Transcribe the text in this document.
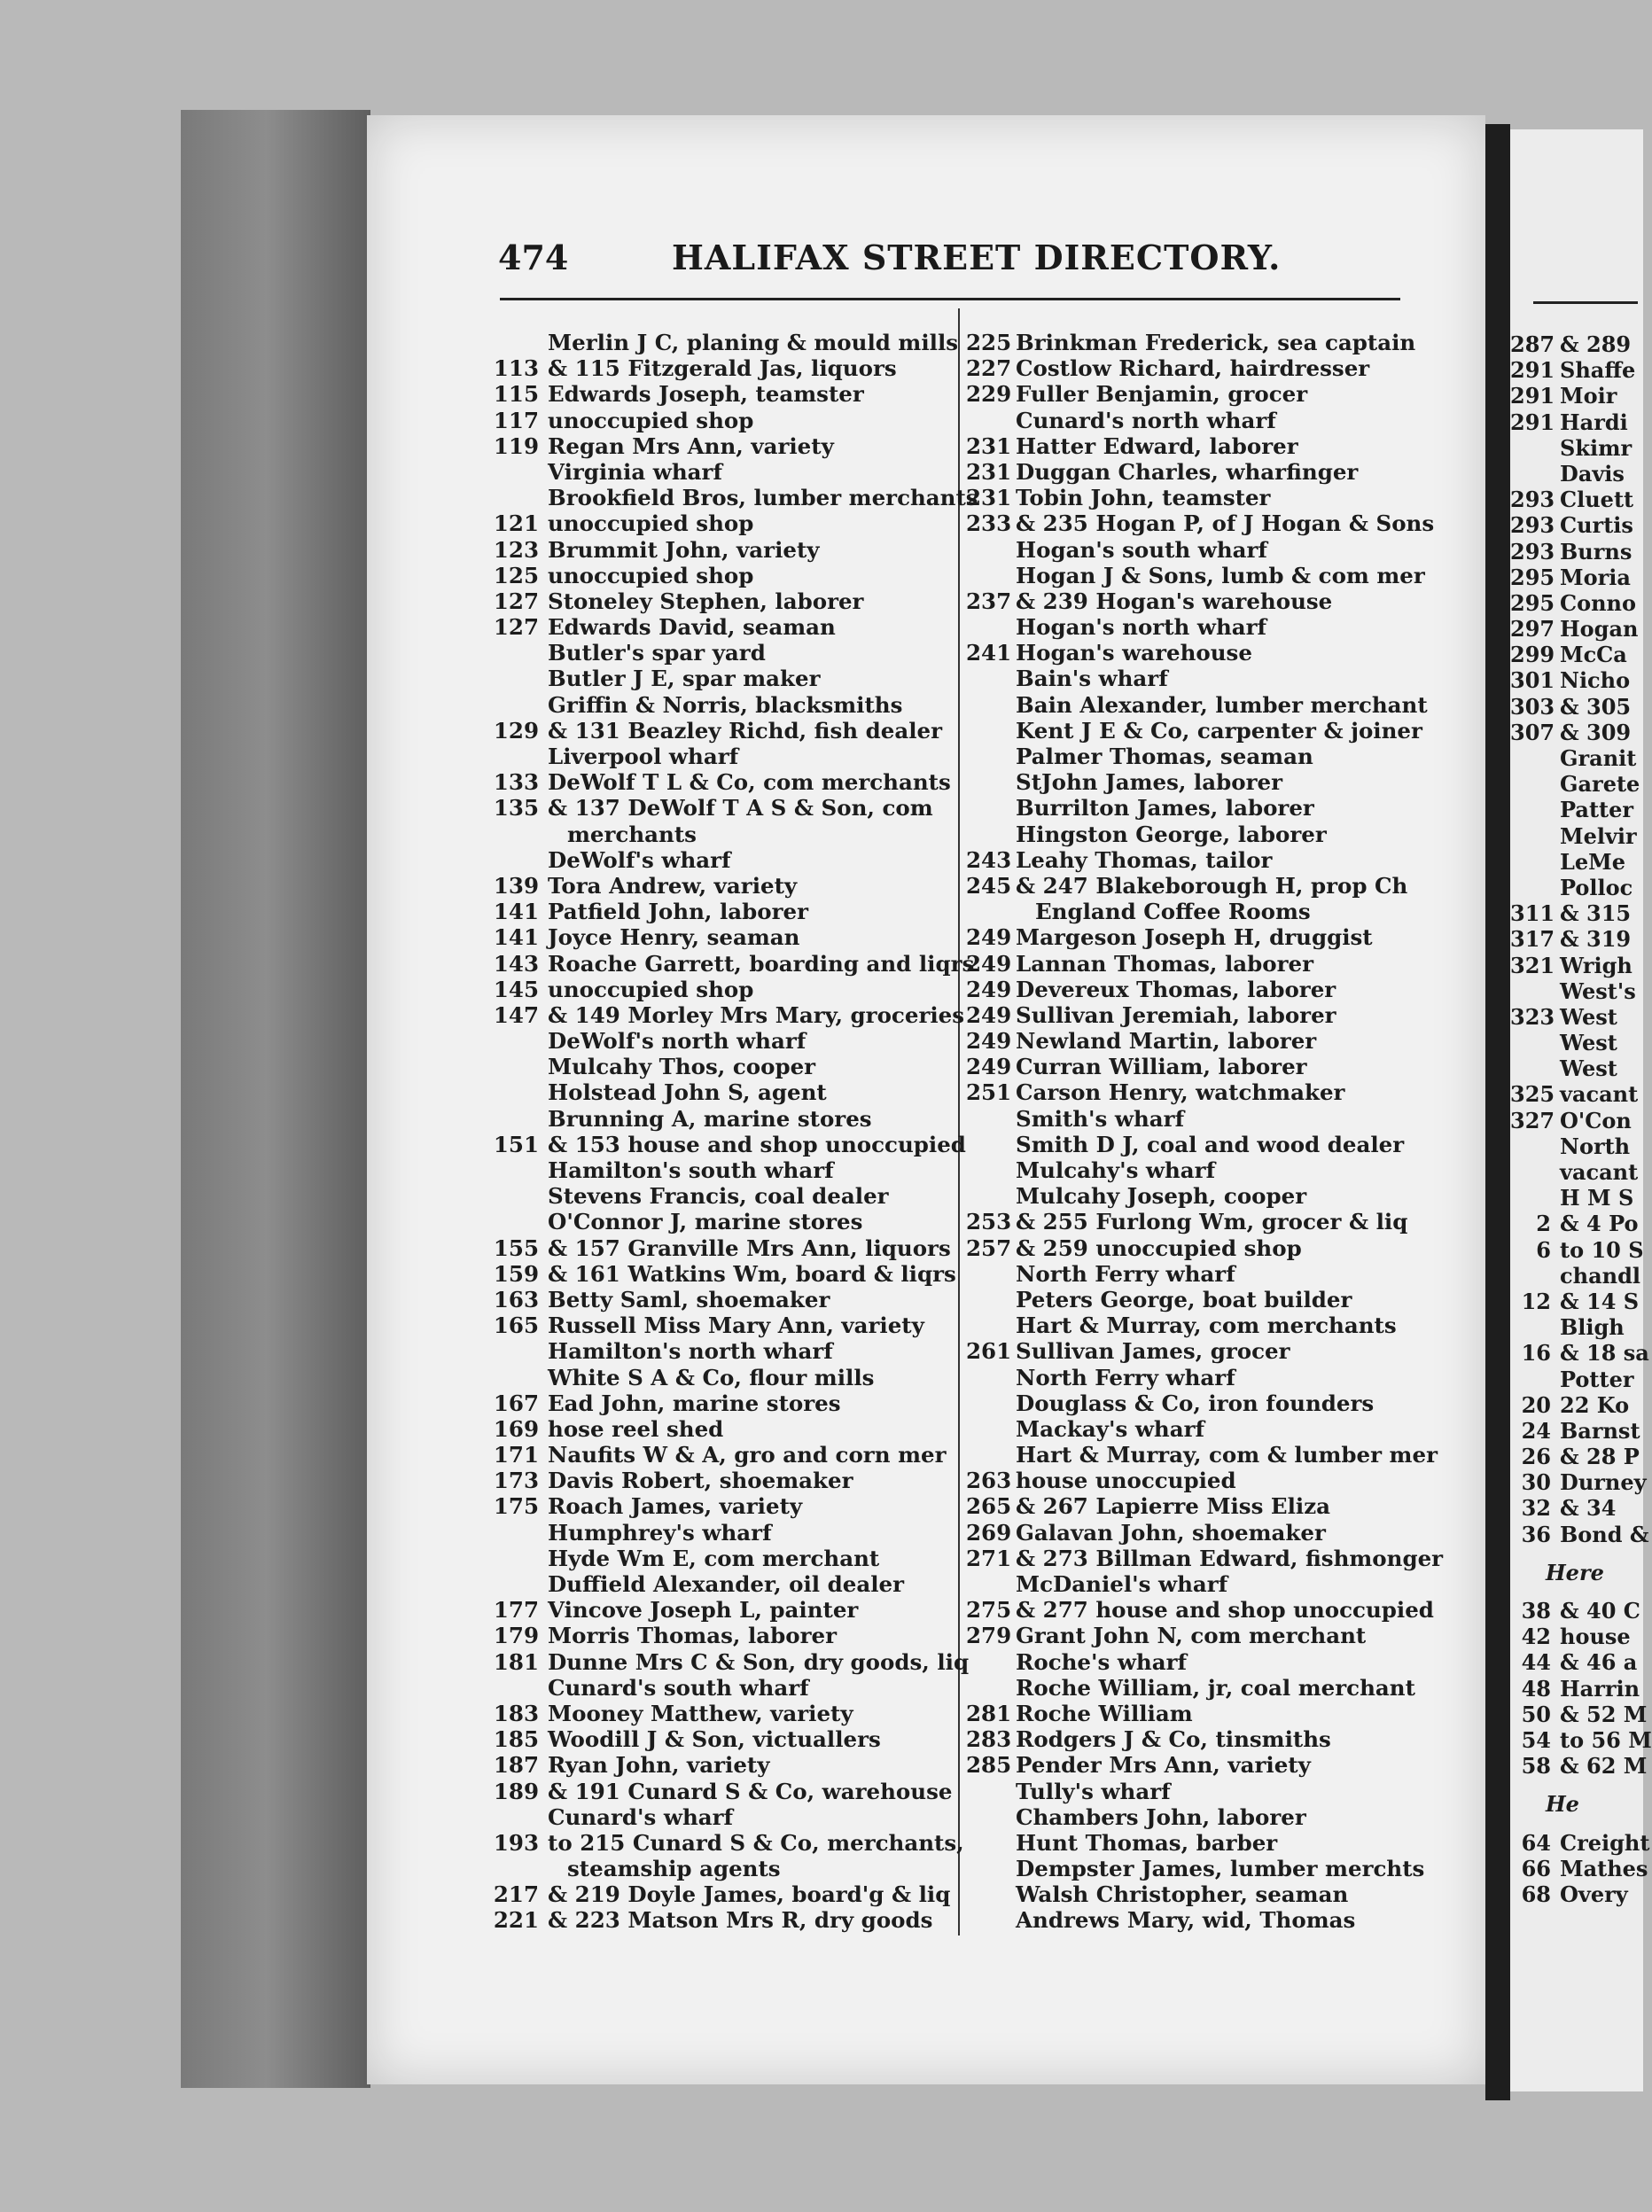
287 & 289
291 Shaffe
291 Moir
291 Hardi
Skimr
Davis
293 Cluett
293 Curtis
293 Burns
295 Moria
295 Conno
297 Hogan
299 McCa
301 Nicho
303 & 305
307 & 309
Granit
Garete
Patter
Melvir
LeMe
Polloc
311 & 315
317 & 319
321 Wrigh
West's
323 West
West
West
325 vacant
327 O'Con
North
vacant
H M S
2 & 4 Po
6 to 10 S
chandl
12 & 14 S
Bligh
16 & 18 sa
Potter
20 22 Ko
24 Barnst
26 & 28 P
30 Durney
32 & 34
36 Bond &
Here
38 & 40 C
42 house
44 & 46 a
48 Harrin
50 & 52 M
54 to 56 M
58 & 62 M
He
64 Creight
66 Mathes
68 Overy
474	HALIFAX STREET DIRECTORY.
Merlin J C, planing & mould mills
113 & 115 Fitzgerald Jas, liquors
115 Edwards Joseph, teamster
117 unoccupied shop
119 Regan Mrs Ann, variety
Virginia wharf
Brookfield Bros, lumber merchants
121 unoccupied shop
123 Brummit John, variety
125 unoccupied shop
127 Stoneley Stephen, laborer
127 Edwards David, seaman
Butler's spar yard
Butler J E, spar maker
Griffin & Norris, blacksmiths
129 & 131 Beazley Richd, fish dealer
Liverpool wharf
133 DeWolf T L & Co, com merchants
135 & 137 DeWolf T A S & Son, com
merchants
DeWolf's wharf
139 Tora Andrew, variety
141 Patfield John, laborer
141 Joyce Henry, seaman
143 Roache Garrett, boarding and liqrs
145 unoccupied shop
147 & 149 Morley Mrs Mary, groceries
DeWolf's north wharf
Mulcahy Thos, cooper
Holstead John S, agent
Brunning A, marine stores
151 & 153 house and shop unoccupied
Hamilton's south wharf
Stevens Francis, coal dealer
O'Connor J, marine stores
155 & 157 Granville Mrs Ann, liquors
159 & 161 Watkins Wm, board & liqrs
163 Betty Saml, shoemaker
165 Russell Miss Mary Ann, variety
Hamilton's north wharf
White S A & Co, flour mills
167 Ead John, marine stores
169 hose reel shed
171 Naufits W & A, gro and corn mer
173 Davis Robert, shoemaker
175 Roach James, variety
Humphrey's wharf
Hyde Wm E, com merchant
Duffield Alexander, oil dealer
177 Vincove Joseph L, painter
179 Morris Thomas, laborer
181 Dunne Mrs C & Son, dry goods, liq
Cunard's south wharf
183 Mooney Matthew, variety
185 Woodill J & Son, victuallers
187 Ryan John, variety
189 & 191 Cunard S & Co, warehouse
Cunard's wharf
193 to 215 Cunard S & Co, merchants,
steamship agents
217 & 219 Doyle James, board'g & liq
221 & 223 Matson Mrs R, dry goods
225 Brinkman Frederick, sea captain
227 Costlow Richard, hairdresser
229 Fuller Benjamin, grocer
Cunard's north wharf
231 Hatter Edward, laborer
231 Duggan Charles, wharfinger
231 Tobin John, teamster
233 & 235 Hogan P, of J Hogan & Sons
Hogan's south wharf
Hogan J & Sons, lumb & com mer
237 & 239 Hogan's warehouse
Hogan's north wharf
241 Hogan's warehouse
Bain's wharf
Bain Alexander, lumber merchant
Kent J E & Co, carpenter & joiner
Palmer Thomas, seaman
StJohn James, laborer
Burrilton James, laborer
Hingston George, laborer
243 Leahy Thomas, tailor
245 & 247 Blakeborough H, prop Ch
England Coffee Rooms
249 Margeson Joseph H, druggist
249 Lannan Thomas, laborer
249 Devereux Thomas, laborer
249 Sullivan Jeremiah, laborer
249 Newland Martin, laborer
249 Curran William, laborer
251 Carson Henry, watchmaker
Smith's wharf
Smith D J, coal and wood dealer
Mulcahy's wharf
Mulcahy Joseph, cooper
253 & 255 Furlong Wm, grocer & liq
257 & 259 unoccupied shop
North Ferry wharf
Peters George, boat builder
Hart & Murray, com merchants
261 Sullivan James, grocer
North Ferry wharf
Douglass & Co, iron founders
Mackay's wharf
Hart & Murray, com & lumber mer
263 house unoccupied
265 & 267 Lapierre Miss Eliza
269 Galavan John, shoemaker
271 & 273 Billman Edward, fishmonger
McDaniel's wharf
275 & 277 house and shop unoccupied
279 Grant John N, com merchant
Roche's wharf
Roche William, jr, coal merchant
281 Roche William
283 Rodgers J & Co, tinsmiths
285 Pender Mrs Ann, variety
Tully's wharf
Chambers John, laborer
Hunt Thomas, barber
Dempster James, lumber merchts
Walsh Christopher, seaman
Andrews Mary, wid, Thomas
